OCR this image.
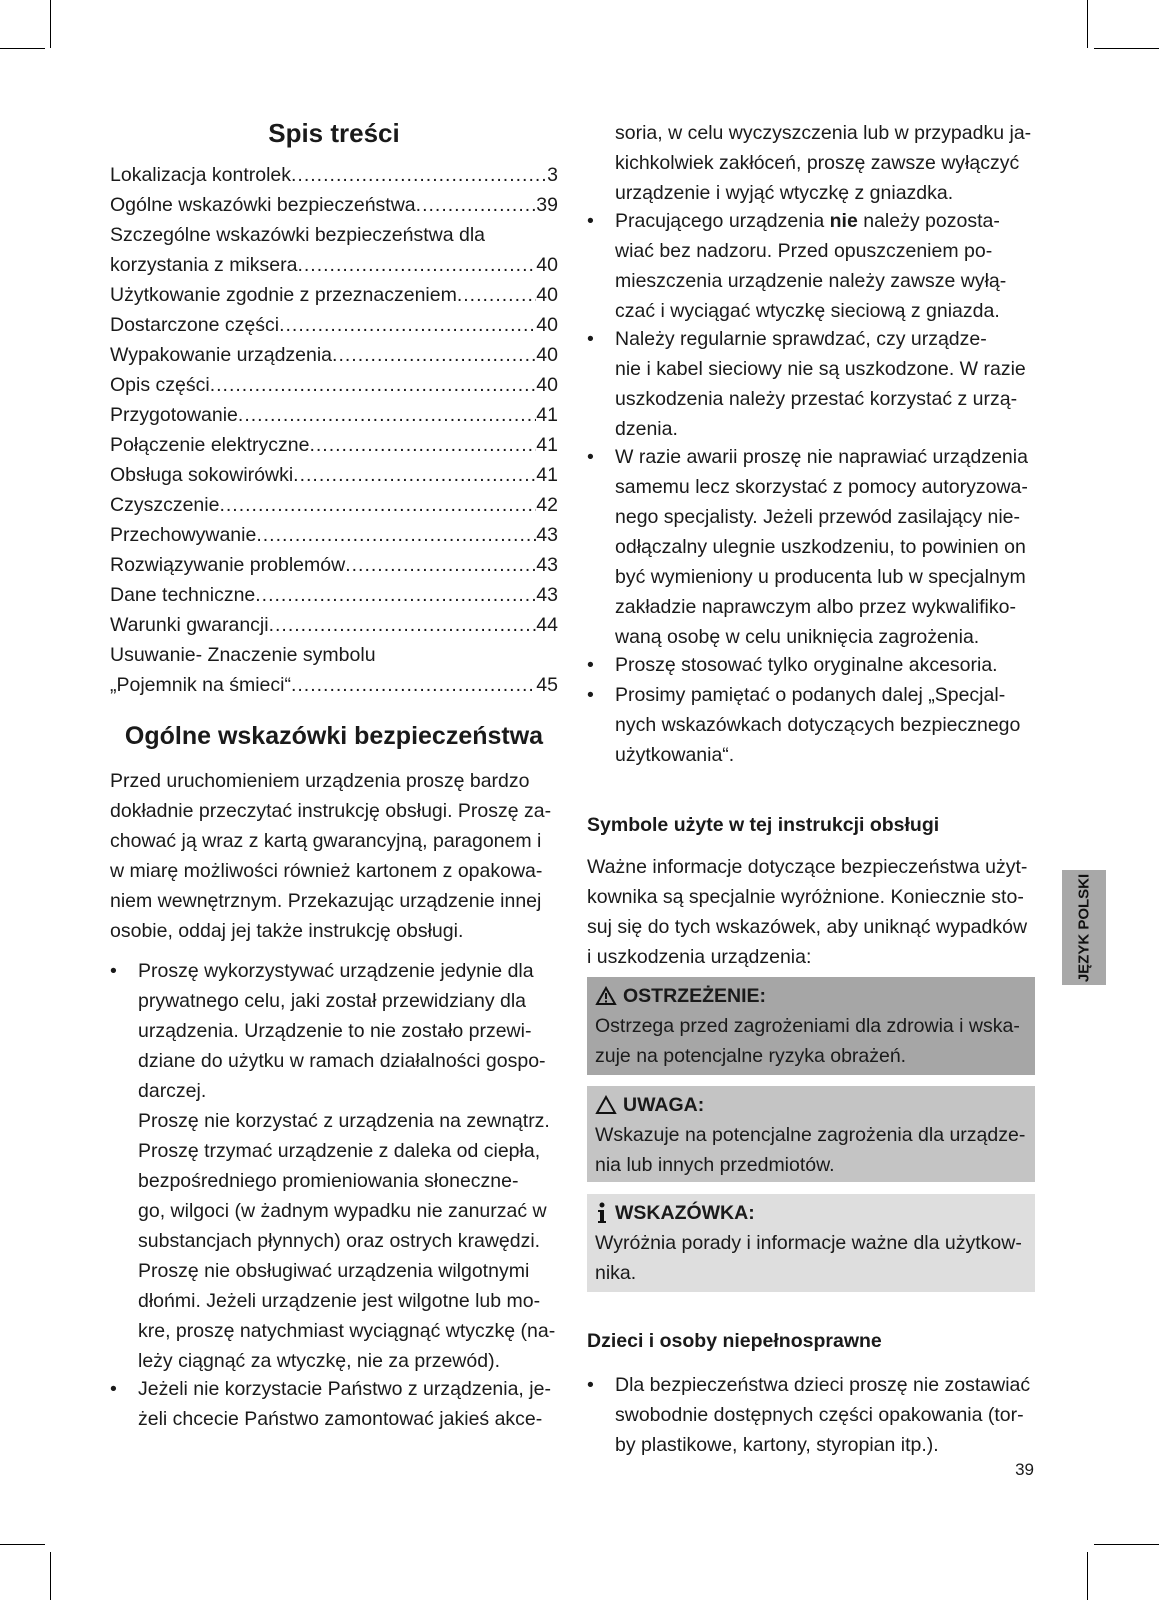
Spis treści
Lokalizacja kontrolek .....	3
Ogólne wskazówki bezpieczeństwa .....	39
Szczególne wskazówki bezpieczeństwa dla
korzystania z miksera .....	40
Użytkowanie zgodnie z przeznaczeniem .....	40
Dostarczone części .....	40
Wypakowanie urządzenia .....	40
Opis części .....	40
Przygotowanie .....	41
Połączenie elektryczne .....	41
Obsługa sokowirówki .....	41
Czyszczenie .....	42
Przechowywanie .....	43
Rozwiązywanie problemów .....	43
Dane techniczne .....	43
Warunki gwarancji .....	44
Usuwanie- Znaczenie symbolu
„Pojemnik na śmieci“ .....	45
Ogólne wskazówki bezpieczeństwa
Przed uruchomieniem urządzenia proszę bardzo
dokładnie przeczytać instrukcję obsługi. Proszę za-
chować ją wraz z kartą gwarancyjną, paragonem i
w miarę możliwości również kartonem z opakowa-
niem wewnętrznym. Przekazując urządzenie innej
osobie, oddaj jej także instrukcję obsługi.
• Proszę wykorzystywać urządzenie jedynie dla
prywatnego celu, jaki został przewidziany dla
urządzenia. Urządzenie to nie zostało przewi-
dziane do użytku w ramach działalności gospo-
darczej.
Proszę nie korzystać z urządzenia na zewnątrz.
Proszę trzymać urządzenie z daleka od ciepła,
bezpośredniego promieniowania słoneczne-
go, wilgoci (w żadnym wypadku nie zanurzać w
substancjach płynnych) oraz ostrych krawędzi.
Proszę nie obsługiwać urządzenia wilgotnymi
dłońmi. Jeżeli urządzenie jest wilgotne lub mo-
kre, proszę natychmiast wyciągnąć wtyczkę (na-
leży ciągnąć za wtyczkę, nie za przewód).
• Jeżeli nie korzystacie Państwo z urządzenia, je-
żeli chcecie Państwo zamontować jakieś akce-
soria, w celu wyczyszczenia lub w przypadku ja-
kichkolwiek zakłóceń, proszę zawsze wyłączyć
urządzenie i wyjąć wtyczkę z gniazdka.
• Pracującego urządzenia nie należy pozosta-
wiać bez nadzoru. Przed opuszczeniem po-
mieszczenia urządzenie należy zawsze wyłą-
czać i wyciągać wtyczkę sieciową z gniazda.
• Należy regularnie sprawdzać, czy urządze-
nie i kabel sieciowy nie są uszkodzone. W razie
uszkodzenia należy przestać korzystać z urzą-
dzenia.
• W razie awarii proszę nie naprawiać urządzenia
samemu lecz skorzystać z pomocy autoryzowa-
nego specjalisty. Jeżeli przewód zasilający nie-
odłączalny ulegnie uszkodzeniu, to powinien on
być wymieniony u producenta lub w specjalnym
zakładzie naprawczym albo przez wykwalifiko-
waną osobę w celu uniknięcia zagrożenia.
• Proszę stosować tylko oryginalne akcesoria.
• Prosimy pamiętać o podanych dalej „Specjal-
nych wskazówkach dotyczących bezpiecznego
użytkowania“.
Symbole użyte w tej instrukcji obsługi
Ważne informacje dotyczące bezpieczeństwa użyt-
kownika są specjalnie wyróżnione. Koniecznie sto-
suj się do tych wskazówek, aby uniknąć wypadków
i uszkodzenia urządzenia:
OSTRZEŻENIE:
Ostrzega przed zagrożeniami dla zdrowia i wska-
zuje na potencjalne ryzyka obrażeń.
UWAGA:
Wskazuje na potencjalne zagrożenia dla urządze-
nia lub innych przedmiotów.
WSKAZÓWKA:
Wyróżnia porady i informacje ważne dla użytkow-
nika.
Dzieci i osoby niepełnosprawne
• Dla bezpieczeństwa dzieci proszę nie zostawiać
swobodnie dostępnych części opakowania (tor-
by plastikowe, kartony, styropian itp.).
JĘZYK POLSKI
39
